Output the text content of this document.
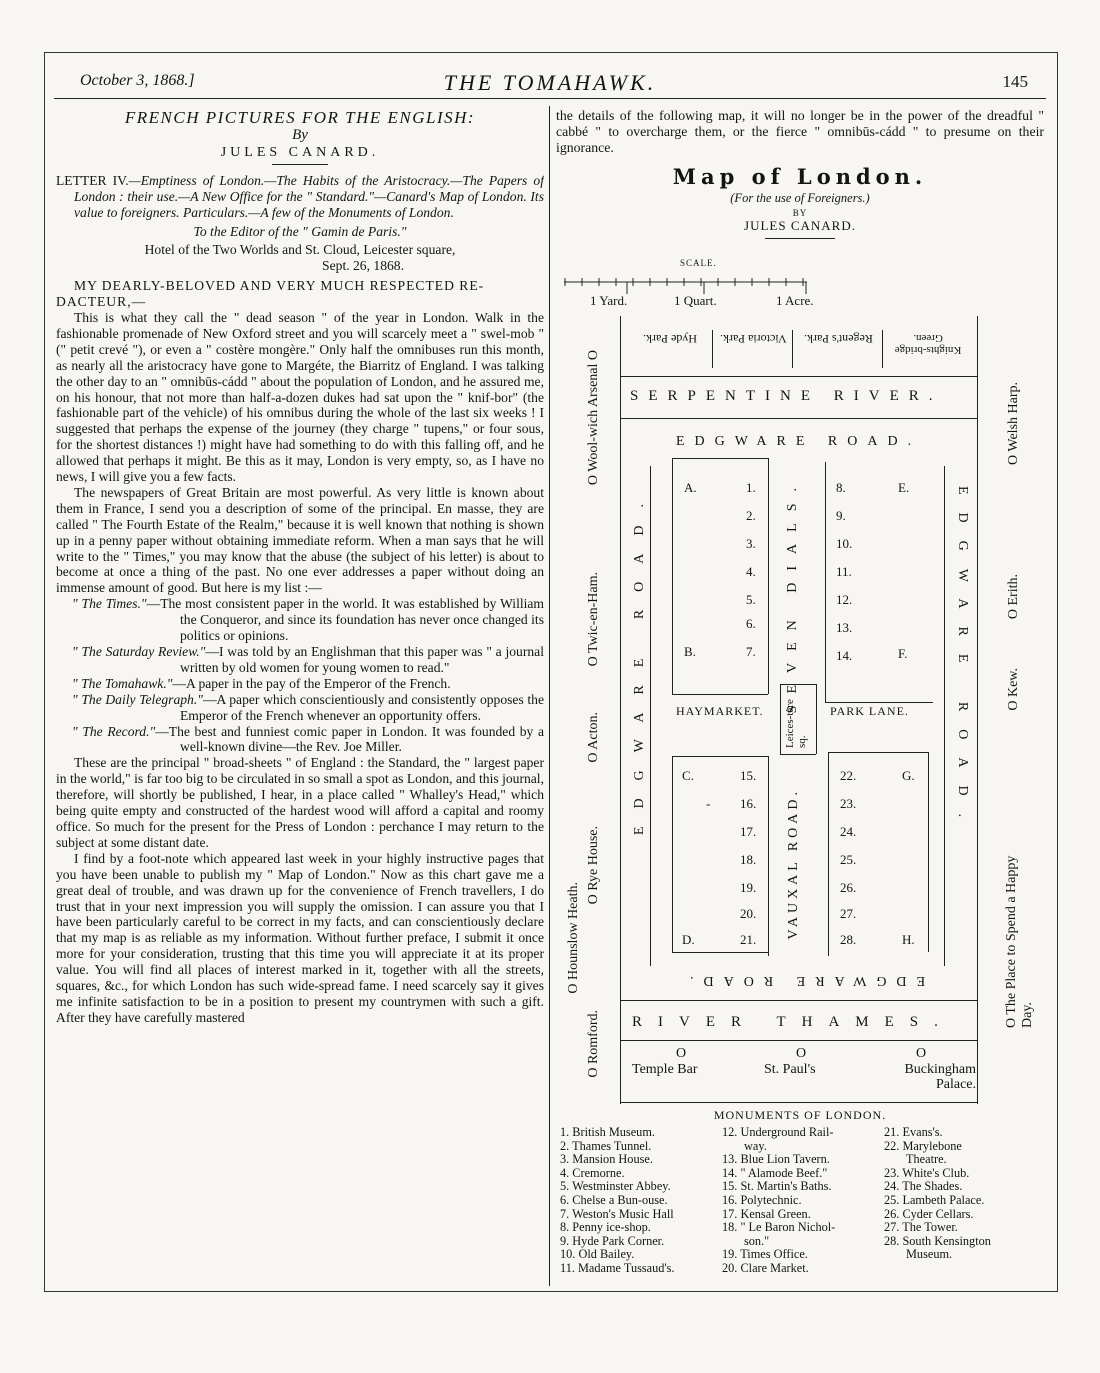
October 3, 1868.]	THE TOMAHAWK.	145
FRENCH PICTURES FOR THE ENGLISH:
By
JULES CANARD.
LETTER IV.—Emptiness of London.—The Habits of the Aristocracy.—The Papers of London : their use.—A New Office for the " Standard."—Canard's Map of London. Its value to foreigners. Particulars.—A few of the Monuments of London.
To the Editor of the " Gamin de Paris."
Hotel of the Two Worlds and St. Cloud, Leicester square,
Sept. 26, 1868.

MY DEARLY-BELOVED AND VERY MUCH RESPECTED RE-
DACTEUR,—

This is what they call the " dead season " of the year in London. Walk in the fashionable promenade of New Oxford street and you will scarcely meet a " swel-mob " (" petit crevé "), or even a " costère mongère." Only half the omnibuses run this month, as nearly all the aristocracy have gone to Margéte, the Biarritz of England. I was talking the other day to an " omnibūs-cádd " about the population of London, and he assured me, on his honour, that not more than half-a-dozen dukes had sat upon the " knif-bor" (the fashionable part of the vehicle) of his omnibus during the whole of the last six weeks ! I suggested that perhaps the expense of the journey (they charge " tupens," or four sous, for the shortest distances !) might have had something to do with this falling off, and he allowed that perhaps it might. Be this as it may, London is very empty, so, as I have no news, I will give you a few facts.

The newspapers of Great Britain are most powerful. As very little is known about them in France, I send you a description of some of the principal. En masse, they are called " The Fourth Estate of the Realm," because it is well known that nothing is shown up in a penny paper without obtaining immediate reform. When a man says that he will write to the " Times," you may know that the abuse (the subject of his letter) is about to become at once a thing of the past. No one ever addresses a paper without doing an immense amount of good. But here is my list :—

" The Times."—The most consistent paper in the world. It was established by William the Conqueror, and since its foundation has never once changed its politics or opinions.

" The Saturday Review."—I was told by an Englishman that this paper was " a journal written by old women for young women to read."

" The Tomahawk."—A paper in the pay of the Emperor of the French.

" The Daily Telegraph."—A paper which conscientiously and consistently opposes the Emperor of the French whenever an opportunity offers.

" The Record."—The best and funniest comic paper in London. It was founded by a well-known divine—the Rev. Joe Miller.

These are the principal " broad-sheets " of England : the Standard, the " largest paper in the world," is far too big to be circulated in so small a spot as London, and this journal, therefore, will shortly be published, I hear, in a place called " Whalley's Head," which being quite empty and constructed of the hardest wood will afford a capital and roomy office. So much for the present for the Press of London : perchance I may return to the subject at some distant date.

I find by a foot-note which appeared last week in your highly instructive pages that you have been unable to publish my " Map of London." Now as this chart gave me a great deal of trouble, and was drawn up for the convenience of French travellers, I do trust that in your next impression you will supply the omission. I can assure you that I have been particularly careful to be correct in my facts, and can conscientiously declare that my map is as reliable as my information. Without further preface, I submit it once more for your consideration, trusting that this time you will appreciate it at its proper value. You will find all places of interest marked in it, together with all the streets, squares, &c., for which London has such wide-spread fame. I need scarcely say it gives me infinite satisfaction to be in a position to present my countrymen with such a gift. After they have carefully mastered

the details of the following map, it will no longer be in the power of the dreadful " cabbé " to overcharge them, or the fierce " omnibūs-cádd " to presume on their ignorance.

Map of London.
(For the use of Foreigners.)
BY
JULES CANARD.
SCALE.
1 Yard.	1 Quart.	1 Acre.
Hyde Park.	Victoria Park.	Regent's Park.
Knights-bridge Green.
SERPENTINE RIVER.
EDGWARE ROAD.
EDGWARE ROAD.	EDGWARE ROAD.
A.
B.
1.
2.
3.
4.
5.
6.
7. SEVEN DIALS.	8.
9.
10.
11.
12.
13.
14.
E.
F.
HAYMARKET. Leices-tère sq.
PARK LANE.
C.
-
D.
15.
16.
17.
18.
19.
20.
21.
VAUXAL ROAD.
22.
23.
24.
25.
26.
27.
28.
G.
H.
EDGWARE ROAD.
RIVER THAMES.
O	O	O
Temple Bar	St. Paul's	Buckingham Palace.
O Wool-wich Arsenal O
O Twic-en-Ham.
O Acton.
O Rye House.
O Hounslow Heath.
O Romford.
O Welsh Harp.
O Erith.
O Kew.
O The Place to Spend a Happy Day.
MONUMENTS OF LONDON.
1. British Museum.
2. Thames Tunnel.
3. Mansion House.
4. Cremorne.
5. Westminster Abbey.
6. Chelse a Bun-ouse.
7. Weston's Music Hall
8. Penny ice-shop.
9. Hyde Park Corner.
10. Old Bailey.
11. Madame Tussaud's.
12. Underground Rail-
way.
13. Blue Lion Tavern.
14. " Alamode Beef."
15. St. Martin's Baths.
16. Polytechnic.
17. Kensal Green.
18. " Le Baron Nichol-
son."
19. Times Office.
20. Clare Market.
21. Evans's.
22. Marylebone
Theatre.
23. White's Club.
24. The Shades.
25. Lambeth Palace.
26. Cyder Cellars.
27. The Tower.
28. South Kensington
Museum.
